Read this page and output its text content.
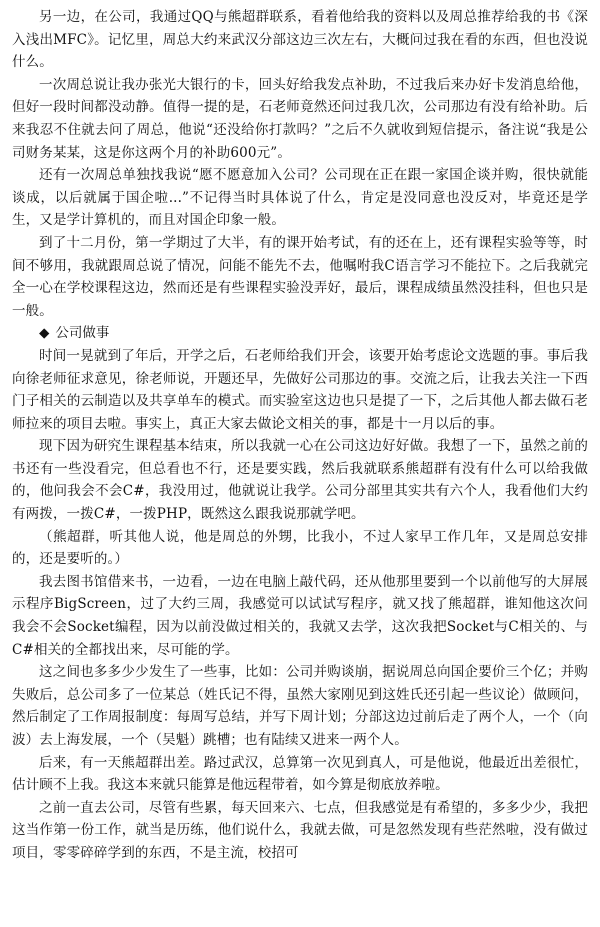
另一边，在公司，我通过QQ与熊超群联系，看着他给我的资料以及周总推荐给我的书《深入浅出MFC》。记忆里，周总大约来武汉分部这边三次左右，大概问过我在看的东西，但也没说什么。

一次周总说让我办张光大银行的卡，回头好给我发点补助，不过我后来办好卡发消息给他，但好一段时间都没动静。值得一提的是，石老师竟然还问过我几次，公司那边有没有给补助。后来我忍不住就去问了周总，他说“还没给你打款吗？”之后不久就收到短信提示，备注说“我是公司财务某某，这是你这两个月的补助600元”。

还有一次周总单独找我说“愿不愿意加入公司？公司现在正在跟一家国企谈并购，很快就能谈成，以后就属于国企啦...”不记得当时具体说了什么，肯定是没同意也没反对，毕竟还是学生，又是学计算机的，而且对国企印象一般。

到了十二月份，第一学期过了大半，有的课开始考试，有的还在上，还有课程实验等等，时间不够用，我就跟周总说了情况，问能不能先不去，他嘱咐我C语言学习不能拉下。之后我就完全一心在学校课程这边，然而还是有些课程实验没弄好，最后，课程成绩虽然没挂科，但也只是一般。

◆ 公司做事

时间一晃就到了年后，开学之后，石老师给我们开会，该要开始考虑论文选题的事。事后我向徐老师征求意见，徐老师说，开题还早，先做好公司那边的事。交流之后，让我去关注一下西门子相关的云制造以及共享单车的模式。而实验室这边也只是提了一下，之后其他人都去做石老师拉来的项目去啦。事实上，真正大家去做论文相关的事，都是十一月以后的事。

现下因为研究生课程基本结束，所以我就一心在公司这边好好做。我想了一下，虽然之前的书还有一些没看完，但总看也不行，还是要实践，然后我就联系熊超群有没有什么可以给我做的，他问我会不会C#，我没用过，他就说让我学。公司分部里其实共有六个人，我看他们大约有两拨，一拨C#，一拨PHP，既然这么跟我说那就学吧。

（熊超群，听其他人说，他是周总的外甥，比我小，不过人家早工作几年，又是周总安排的，还是要听的。）

我去图书馆借来书，一边看，一边在电脑上敲代码，还从他那里要到一个以前他写的大屏展示程序BigScreen，过了大约三周，我感觉可以试试写程序，就又找了熊超群，谁知他这次问我会不会Socket编程，因为以前没做过相关的，我就又去学，这次我把Socket与C相关的、与C#相关的全都找出来，尽可能的学。

这之间也多多少少发生了一些事，比如：公司并购谈崩，据说周总向国企要价三个亿；并购失败后，总公司多了一位某总（姓氏记不得，虽然大家刚见到这姓氏还引起一些议论）做顾问，然后制定了工作周报制度：每周写总结，并写下周计划；分部这边过前后走了两个人，一个（向波）去上海发展，一个（吴魁）跳槽；也有陆续又进来一两个人。

后来，有一天熊超群出差。路过武汉，总算第一次见到真人，可是他说，他最近出差很忙，估计顾不上我。我这本来就只能算是他远程带着，如今算是彻底放养啦。

之前一直去公司，尽管有些累，每天回来六、七点，但我感觉是有希望的，多多少少，我把这当作第一份工作，就当是历练，他们说什么，我就去做，可是忽然发现有些茫然啦，没有做过项目，零零碎碎学到的东西，不是主流，校招可
